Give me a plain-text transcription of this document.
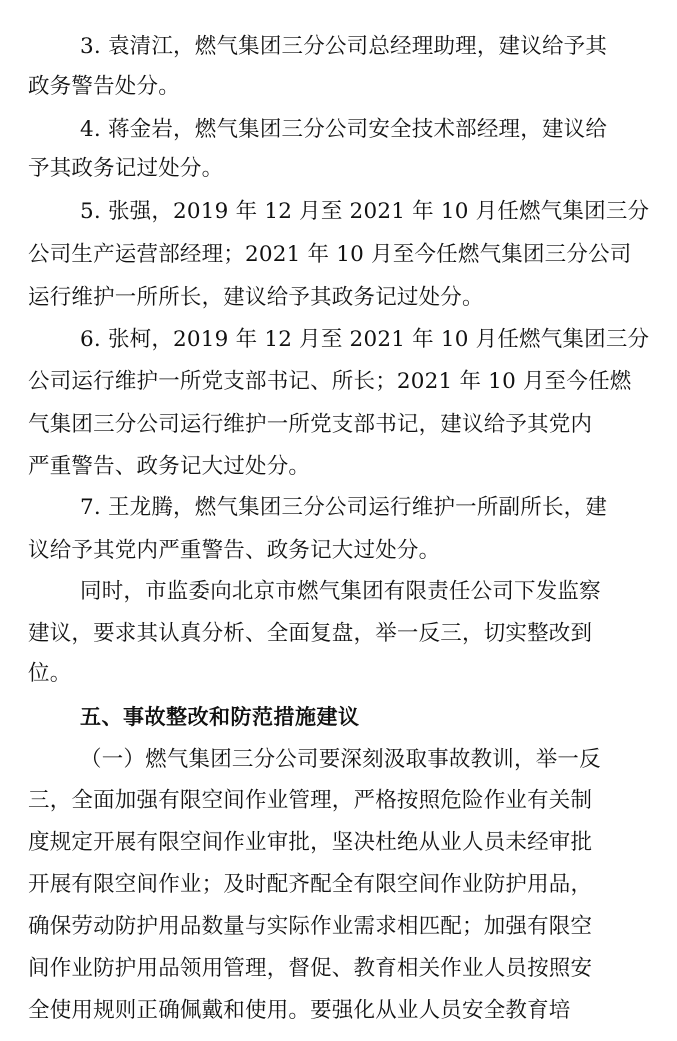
3. 袁清江，燃气集团三分公司总经理助理，建议给予其
政务警告处分。
4. 蒋金岩，燃气集团三分公司安全技术部经理，建议给
予其政务记过处分。
5. 张强，2019 年 12 月至 2021 年 10 月任燃气集团三分
公司生产运营部经理；2021 年 10 月至今任燃气集团三分公司
运行维护一所所长，建议给予其政务记过处分。
6. 张柯，2019 年 12 月至 2021 年 10 月任燃气集团三分
公司运行维护一所党支部书记、所长；2021 年 10 月至今任燃
气集团三分公司运行维护一所党支部书记，建议给予其党内
严重警告、政务记大过处分。
7. 王龙腾，燃气集团三分公司运行维护一所副所长，建
议给予其党内严重警告、政务记大过处分。
同时，市监委向北京市燃气集团有限责任公司下发监察
建议，要求其认真分析、全面复盘，举一反三，切实整改到
位。
五、事故整改和防范措施建议
（一）燃气集团三分公司要深刻汲取事故教训，举一反
三，全面加强有限空间作业管理，严格按照危险作业有关制
度规定开展有限空间作业审批，坚决杜绝从业人员未经审批
开展有限空间作业；及时配齐配全有限空间作业防护用品，
确保劳动防护用品数量与实际作业需求相匹配；加强有限空
间作业防护用品领用管理，督促、教育相关作业人员按照安
全使用规则正确佩戴和使用。要强化从业人员安全教育培
